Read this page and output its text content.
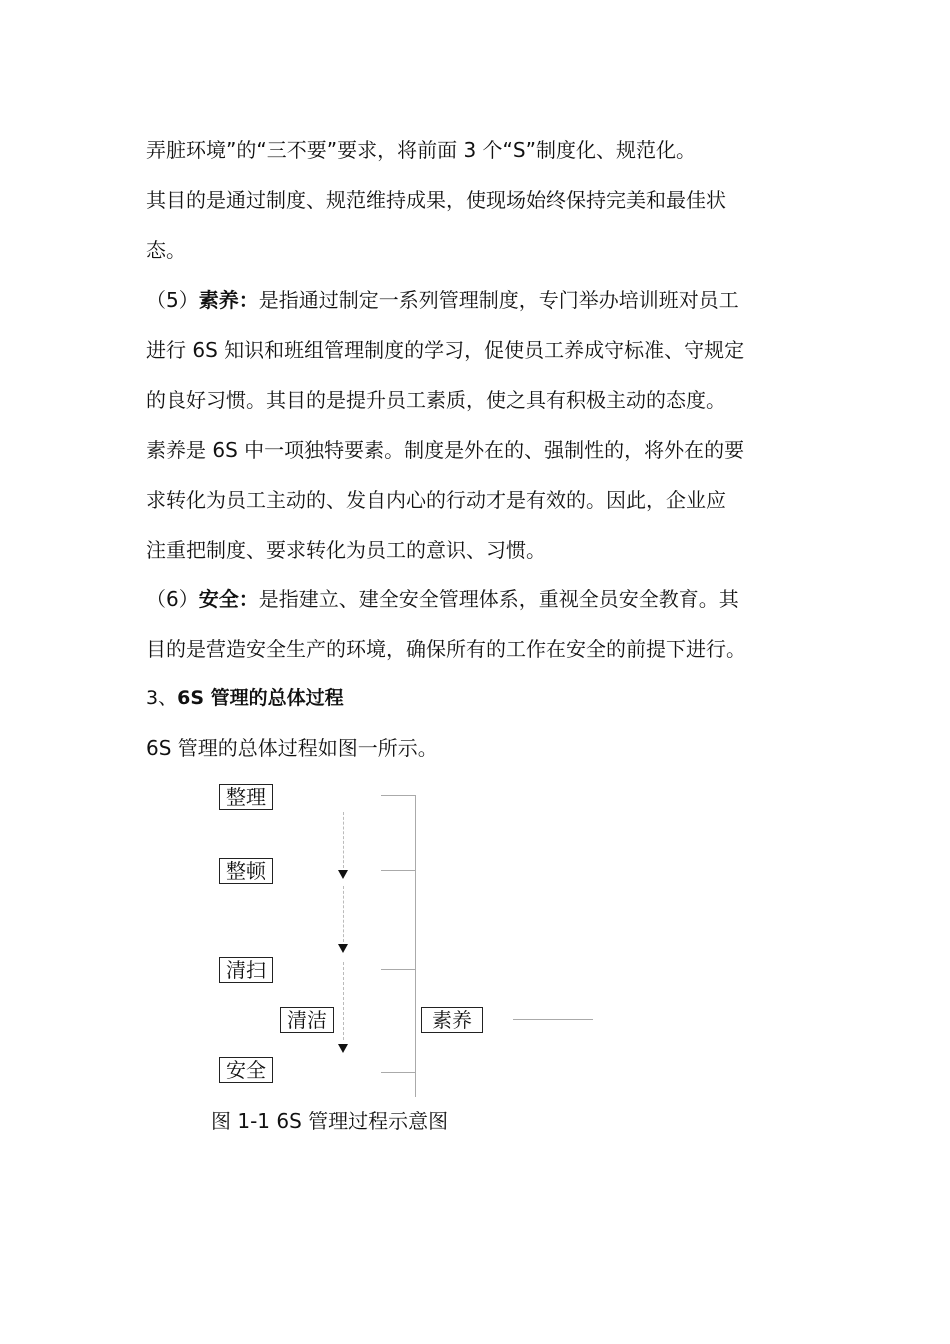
弄脏环境”的“三不要”要求，将前面 3 个“S”制度化、规范化。
其目的是通过制度、规范维持成果，使现场始终保持完美和最佳状
态。
（5）素养：是指通过制定一系列管理制度，专门举办培训班对员工
进行 6S 知识和班组管理制度的学习，促使员工养成守标准、守规定
的良好习惯。其目的是提升员工素质，使之具有积极主动的态度。
素养是 6S 中一项独特要素。制度是外在的、强制性的，将外在的要
求转化为员工主动的、发自内心的行动才是有效的。因此，企业应
注重把制度、要求转化为员工的意识、习惯。
（6）安全：是指建立、建全安全管理体系，重视全员安全教育。其
目的是营造安全生产的环境，确保所有的工作在安全的前提下进行。
3、6S 管理的总体过程
6S 管理的总体过程如图一所示。
整理
整顿
清扫
清洁
安全
素养
图 1-1 6S 管理过程示意图
